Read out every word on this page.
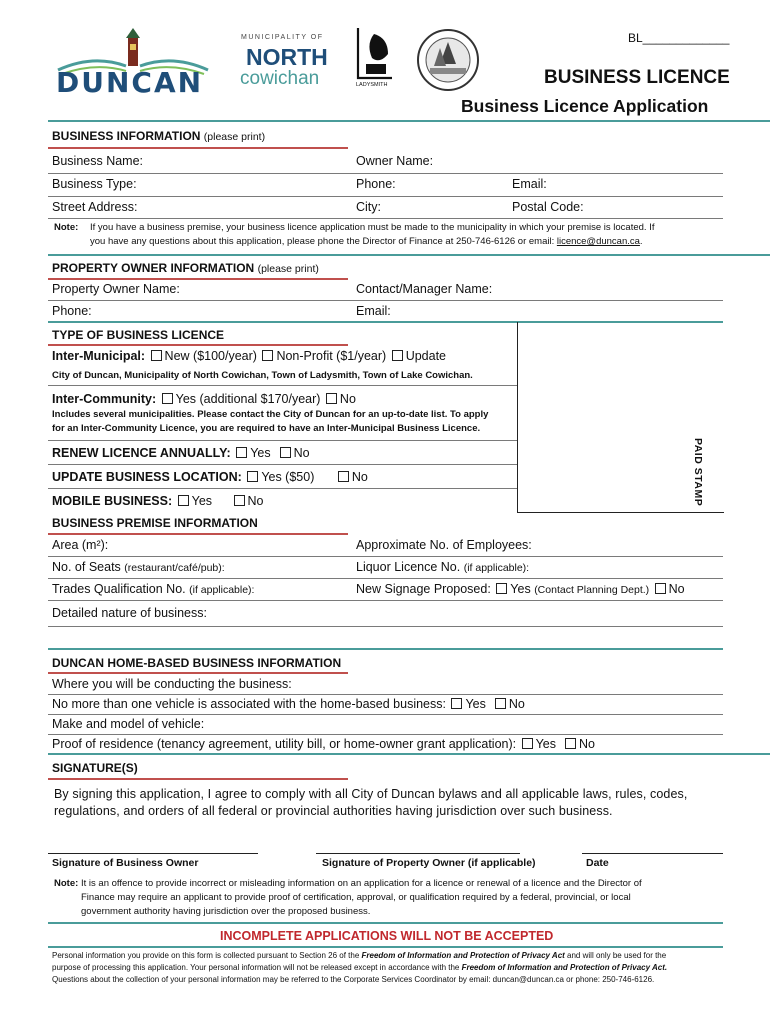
DUNCAN
MUNICIPALITY OF
NORTH
cowichan	LADYSMITH
BL_____________
BUSINESS LICENCE
Business Licence Application
BUSINESS INFORMATION (please print)
Business Name:	Owner Name:
Business Type:	Phone:	Email:
Street Address:	City:	Postal Code:
Note: If you have a business premise, your business licence application must be made to the municipality in which your premise is located. If
you have any questions about this application, please phone the Director of Finance at 250-746-6126 or email: licence@duncan.ca.
PROPERTY OWNER INFORMATION (please print)
Property Owner Name:	Contact/Manager Name:
Phone:	Email:
PAID STAMP
TYPE OF BUSINESS LICENCE
Inter-Municipal: New ($100/year) Non-Profit ($1/year) Update
City of Duncan, Municipality of North Cowichan, Town of Ladysmith, Town of Lake Cowichan.
Inter-Community: Yes (additional $170/year) No
Includes several municipalities. Please contact the City of Duncan for an up-to-date list. To apply
for an Inter-Community Licence, you are required to have an Inter-Municipal Business Licence.
RENEW LICENCE ANNUALLY: Yes No
UPDATE BUSINESS LOCATION: Yes ($50)	No
MOBILE BUSINESS: Yes	No
BUSINESS PREMISE INFORMATION
Area (m²):	Approximate No. of Employees:
No. of Seats (restaurant/café/pub):	Liquor Licence No. (if applicable):
Trades Qualification No. (if applicable):	New Signage Proposed: Yes (Contact Planning Dept.) No
Detailed nature of business:
DUNCAN HOME-BASED BUSINESS INFORMATION
Where you will be conducting the business:
No more than one vehicle is associated with the home-based business: Yes No
Make and model of vehicle:
Proof of residence (tenancy agreement, utility bill, or home-owner grant application): Yes No
SIGNATURE(S)
By signing this application, I agree to comply with all City of Duncan bylaws and all applicable laws, rules, codes,
regulations, and orders of all federal or provincial authorities having jurisdiction over such business.
Signature of Business Owner	Signature of Property Owner (if applicable)	Date
Note: It is an offence to provide incorrect or misleading information on an application for a licence or renewal of a licence and the Director of
Finance may require an applicant to provide proof of certification, approval, or qualification required by a federal, provincial, or local
government authority having jurisdiction over the proposed business.
INCOMPLETE APPLICATIONS WILL NOT BE ACCEPTED
Personal information you provide on this form is collected pursuant to Section 26 of the Freedom of Information and Protection of Privacy Act and will only be used for the
purpose of processing this application. Your personal information will not be released except in accordance with the Freedom of Information and Protection of Privacy Act.
Questions about the collection of your personal information may be referred to the Corporate Services Coordinator by email: duncan@duncan.ca or phone: 250-746-6126.
